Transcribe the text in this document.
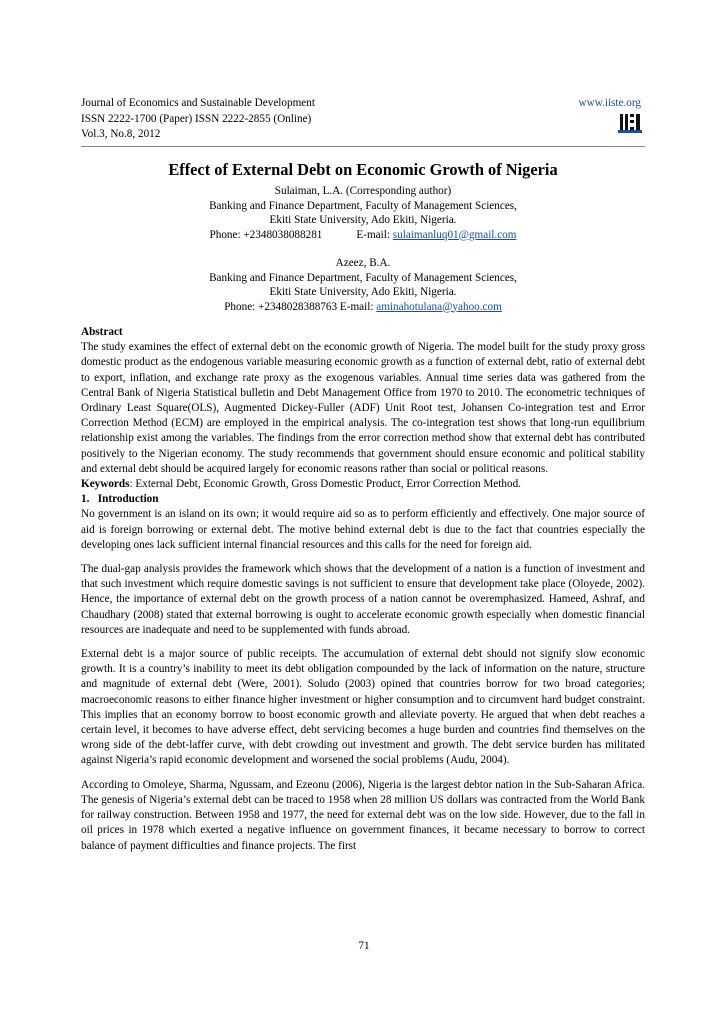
Journal of Economics and Sustainable Development
ISSN 2222-1700 (Paper) ISSN 2222-2855 (Online)
Vol.3, No.8, 2012
www.iiste.org
Effect of External Debt on Economic Growth of Nigeria
Sulaiman, L.A. (Corresponding author)
Banking and Finance Department, Faculty of Management Sciences,
Ekiti State University, Ado Ekiti, Nigeria.
Phone: +2348038088281	E-mail: sulaimanluq01@gmail.com
Azeez, B.A.
Banking and Finance Department, Faculty of Management Sciences,
Ekiti State University, Ado Ekiti, Nigeria.
Phone: +2348028388763 E-mail: aminahotulana@yahoo.com

Abstract

The study examines the effect of external debt on the economic growth of Nigeria. The model built for the study proxy gross domestic product as the endogenous variable measuring economic growth as a function of external debt, ratio of external debt to export, inflation, and exchange rate proxy as the exogenous variables. Annual time series data was gathered from the Central Bank of Nigeria Statistical bulletin and Debt Management Office from 1970 to 2010. The econometric techniques of Ordinary Least Square(OLS), Augmented Dickey-Fuller (ADF) Unit Root test, Johansen Co-integration test and Error Correction Method (ECM) are employed in the empirical analysis. The co-integration test shows that long-run equilibrium relationship exist among the variables. The findings from the error correction method show that external debt has contributed positively to the Nigerian economy. The study recommends that government should ensure economic and political stability and external debt should be acquired largely for economic reasons rather than social or political reasons.

Keywords: External Debt, Economic Growth, Gross Domestic Product, Error Correction Method.

1. Introduction

No government is an island on its own; it would require aid so as to perform efficiently and effectively. One major source of aid is foreign borrowing or external debt. The motive behind external debt is due to the fact that countries especially the developing ones lack sufficient internal financial resources and this calls for the need for foreign aid.

The dual-gap analysis provides the framework which shows that the development of a nation is a function of investment and that such investment which require domestic savings is not sufficient to ensure that development take place (Oloyede, 2002). Hence, the importance of external debt on the growth process of a nation cannot be overemphasized. Hameed, Ashraf, and Chaudhary (2008) stated that external borrowing is ought to accelerate economic growth especially when domestic financial resources are inadequate and need to be supplemented with funds abroad.

External debt is a major source of public receipts. The accumulation of external debt should not signify slow economic growth. It is a country’s inability to meet its debt obligation compounded by the lack of information on the nature, structure and magnitude of external debt (Were, 2001). Soludo (2003) opined that countries borrow for two broad categories; macroeconomic reasons to either finance higher investment or higher consumption and to circumvent hard budget constraint. This implies that an economy borrow to boost economic growth and alleviate poverty. He argued that when debt reaches a certain level, it becomes to have adverse effect, debt servicing becomes a huge burden and countries find themselves on the wrong side of the debt-laffer curve, with debt crowding out investment and growth. The debt service burden has militated against Nigeria’s rapid economic development and worsened the social problems (Audu, 2004).

According to Omoleye, Sharma, Ngussam, and Ezeonu (2006), Nigeria is the largest debtor nation in the Sub-Saharan Africa. The genesis of Nigeria’s external debt can be traced to 1958 when 28 million US dollars was contracted from the World Bank for railway construction. Between 1958 and 1977, the need for external debt was on the low side. However, due to the fall in oil prices in 1978 which exerted a negative influence on government finances, it became necessary to borrow to correct balance of payment difficulties and finance projects. The first

71
